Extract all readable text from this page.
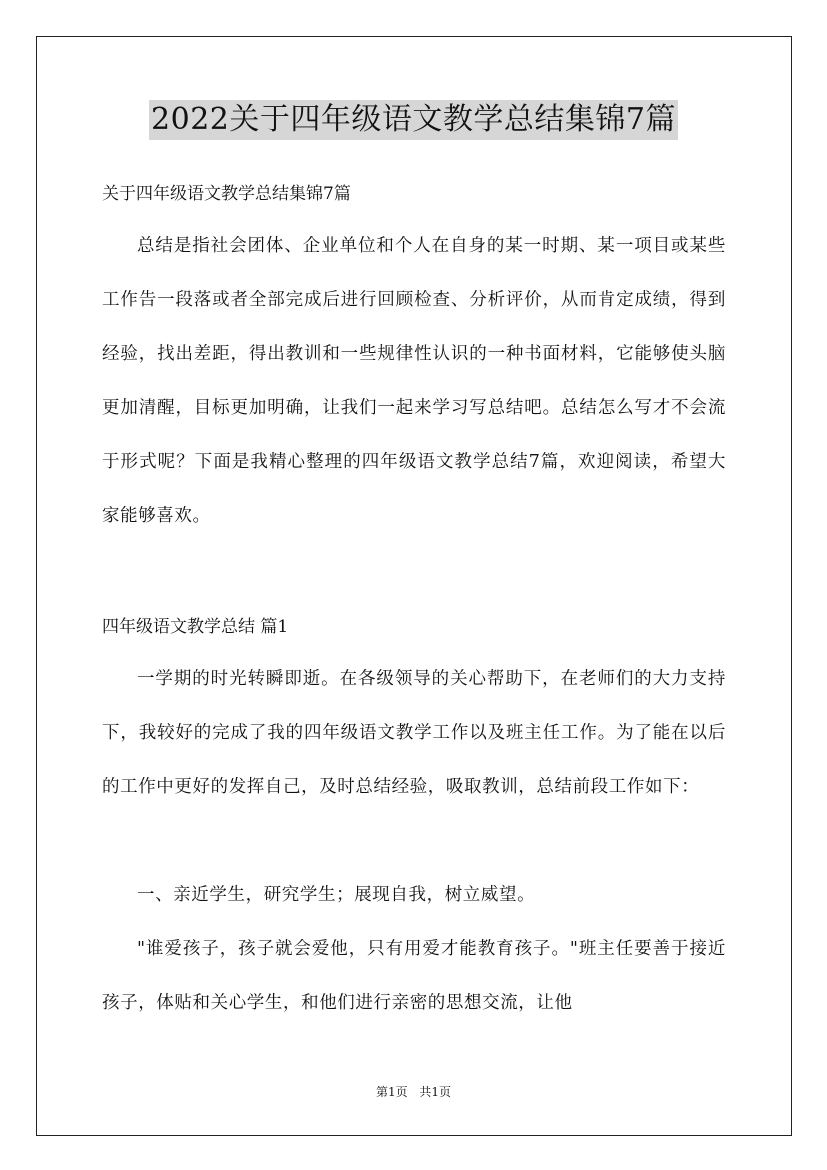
2022关于四年级语文教学总结集锦7篇

关于四年级语文教学总结集锦7篇

总结是指社会团体、企业单位和个人在自身的某一时期、某一项目或某些工作告一段落或者全部完成后进行回顾检查、分析评价，从而肯定成绩，得到经验，找出差距，得出教训和一些规律性认识的一种书面材料，它能够使头脑更加清醒，目标更加明确，让我们一起来学习写总结吧。总结怎么写才不会流于形式呢？下面是我精心整理的四年级语文教学总结7篇，欢迎阅读，希望大家能够喜欢。

四年级语文教学总结 篇1

一学期的时光转瞬即逝。在各级领导的关心帮助下，在老师们的大力支持下，我较好的完成了我的四年级语文教学工作以及班主任工作。为了能在以后的工作中更好的发挥自己，及时总结经验，吸取教训，总结前段工作如下：

一、亲近学生，研究学生；展现自我，树立威望。

"谁爱孩子，孩子就会爱他，只有用爱才能教育孩子。"班主任要善于接近孩子，体贴和关心学生，和他们进行亲密的思想交流，让他

第1页 共1页
